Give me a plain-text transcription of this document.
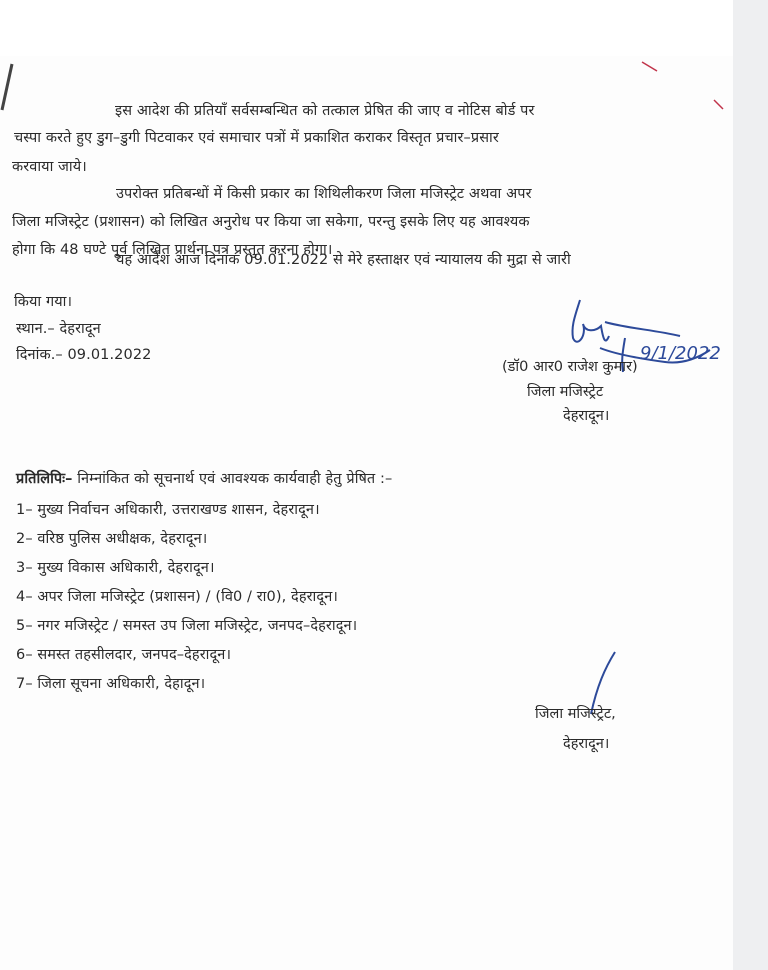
इस आदेश की प्रतियाँ सर्वसम्बन्धित को तत्काल प्रेषित की जाए व नोटिस बोर्ड पर
चस्पा करते हुए डुग–डुगी पिटवाकर एवं समाचार पत्रों में प्रकाशित कराकर विस्तृत प्रचार–प्रसार
करवाया जाये।
उपरोक्त प्रतिबन्धों में किसी प्रकार का शिथिलीकरण जिला मजिस्ट्रेट अथवा अपर
जिला मजिस्ट्रेट (प्रशासन) को लिखित अनुरोध पर किया जा सकेगा, परन्तु इसके लिए यह आवश्यक
होगा कि 48 घण्टे पूर्व लिखित प्रार्थना पत्र प्रस्तुत करना होगा।
यह आदेश आज दिनाक 09.01.2022 से मेरे हस्ताक्षर एवं न्यायालय की मुद्रा से जारी
किया गया।
स्थान.– देहरादून
दिनांक.– 09.01.2022
(डॉ0 आर0 राजेश कुमार)
9/1/2022
जिला मजिस्ट्रेट
देहरादून।
प्रतिलिपिः– निम्नांकित को सूचनार्थ एवं आवश्यक कार्यवाही हेतु प्रेषित :–
1– मुख्य निर्वाचन अधिकारी, उत्तराखण्ड शासन, देहरादून।
2– वरिष्ठ पुलिस अधीक्षक, देहरादून।
3– मुख्य विकास अधिकारी, देहरादून।
4– अपर जिला मजिस्ट्रेट (प्रशासन) / (वि0 / रा0), देहरादून।
5– नगर मजिस्ट्रेट / समस्त उप जिला मजिस्ट्रेट, जनपद–देहरादून।
6– समस्त तहसीलदार, जनपद–देहरादून।
7– जिला सूचना अधिकारी, देहादून।
जिला मजिस्ट्रेट,
देहरादून।
